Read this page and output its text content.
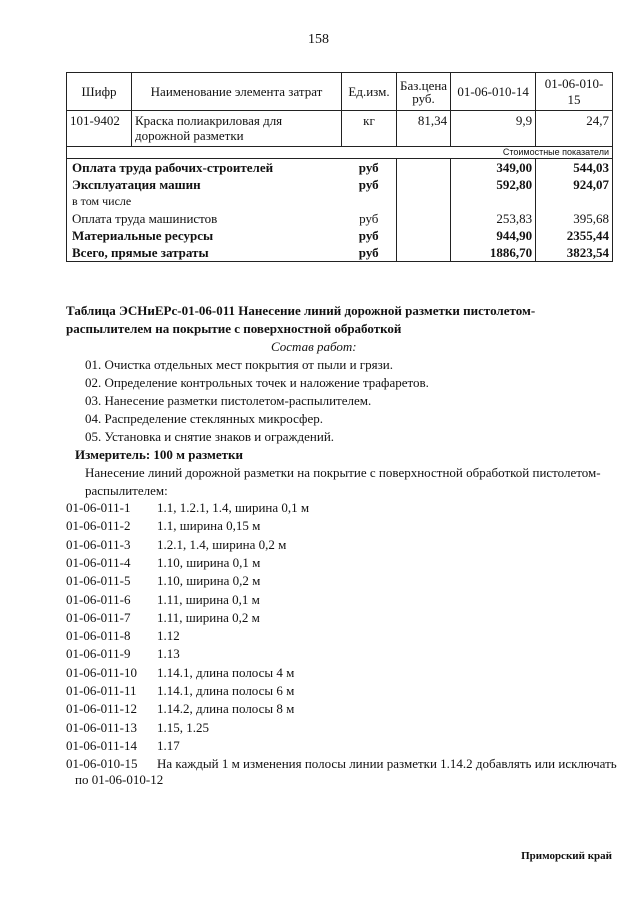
158
Шифр	Наименование элемента затрат	Ед.изм.	Баз.цена руб.	01-06-010-14	01-06-010-15
101-9402	Краска полиакриловая для дорожной разметки	кг	81,34	9,9	24,7
Стоимостные показатели					
Оплата труда рабочих-строителей		руб		349,00	544,03
Эксплуатация машин		руб		592,80	924,07
в том числе					
Оплата труда машинистов		руб		253,83	395,68
Материальные ресурсы		руб		944,90	2355,44
Всего, прямые затраты		руб		1886,70	3823,54
Таблица ЭСНиЕРс-01-06-011 Нанесение линий дорожной разметки пистолетом-
распылителем на покрытие с поверхностной обработкой
Состав работ:
01. Очистка отдельных мест покрытия от пыли и грязи.
02. Определение контрольных точек и наложение трафаретов.
03. Нанесение разметки пистолетом-распылителем.
04. Распределение стеклянных микросфер.
05. Установка и снятие знаков и ограждений.
Измеритель: 100 м разметки
Нанесение линий дорожной разметки на покрытие с поверхностной обработкой пистолетом-
распылителем:
01-06-011-1 1.1, 1.2.1, 1.4, ширина 0,1 м
01-06-011-2 1.1, ширина 0,15 м
01-06-011-3 1.2.1, 1.4, ширина 0,2 м
01-06-011-4 1.10, ширина 0,1 м
01-06-011-5 1.10, ширина 0,2 м
01-06-011-6 1.11, ширина 0,1 м
01-06-011-7 1.11, ширина 0,2 м
01-06-011-8 1.12
01-06-011-9 1.13
01-06-011-10 1.14.1, длина полосы 4 м
01-06-011-11 1.14.1, длина полосы 6 м
01-06-011-12 1.14.2, длина полосы 8 м
01-06-011-13 1.15, 1.25
01-06-011-14 1.17
01-06-010-15 На каждый 1 м изменения полосы линии разметки 1.14.2 добавлять или исключать
по 01-06-010-12
Приморский край
